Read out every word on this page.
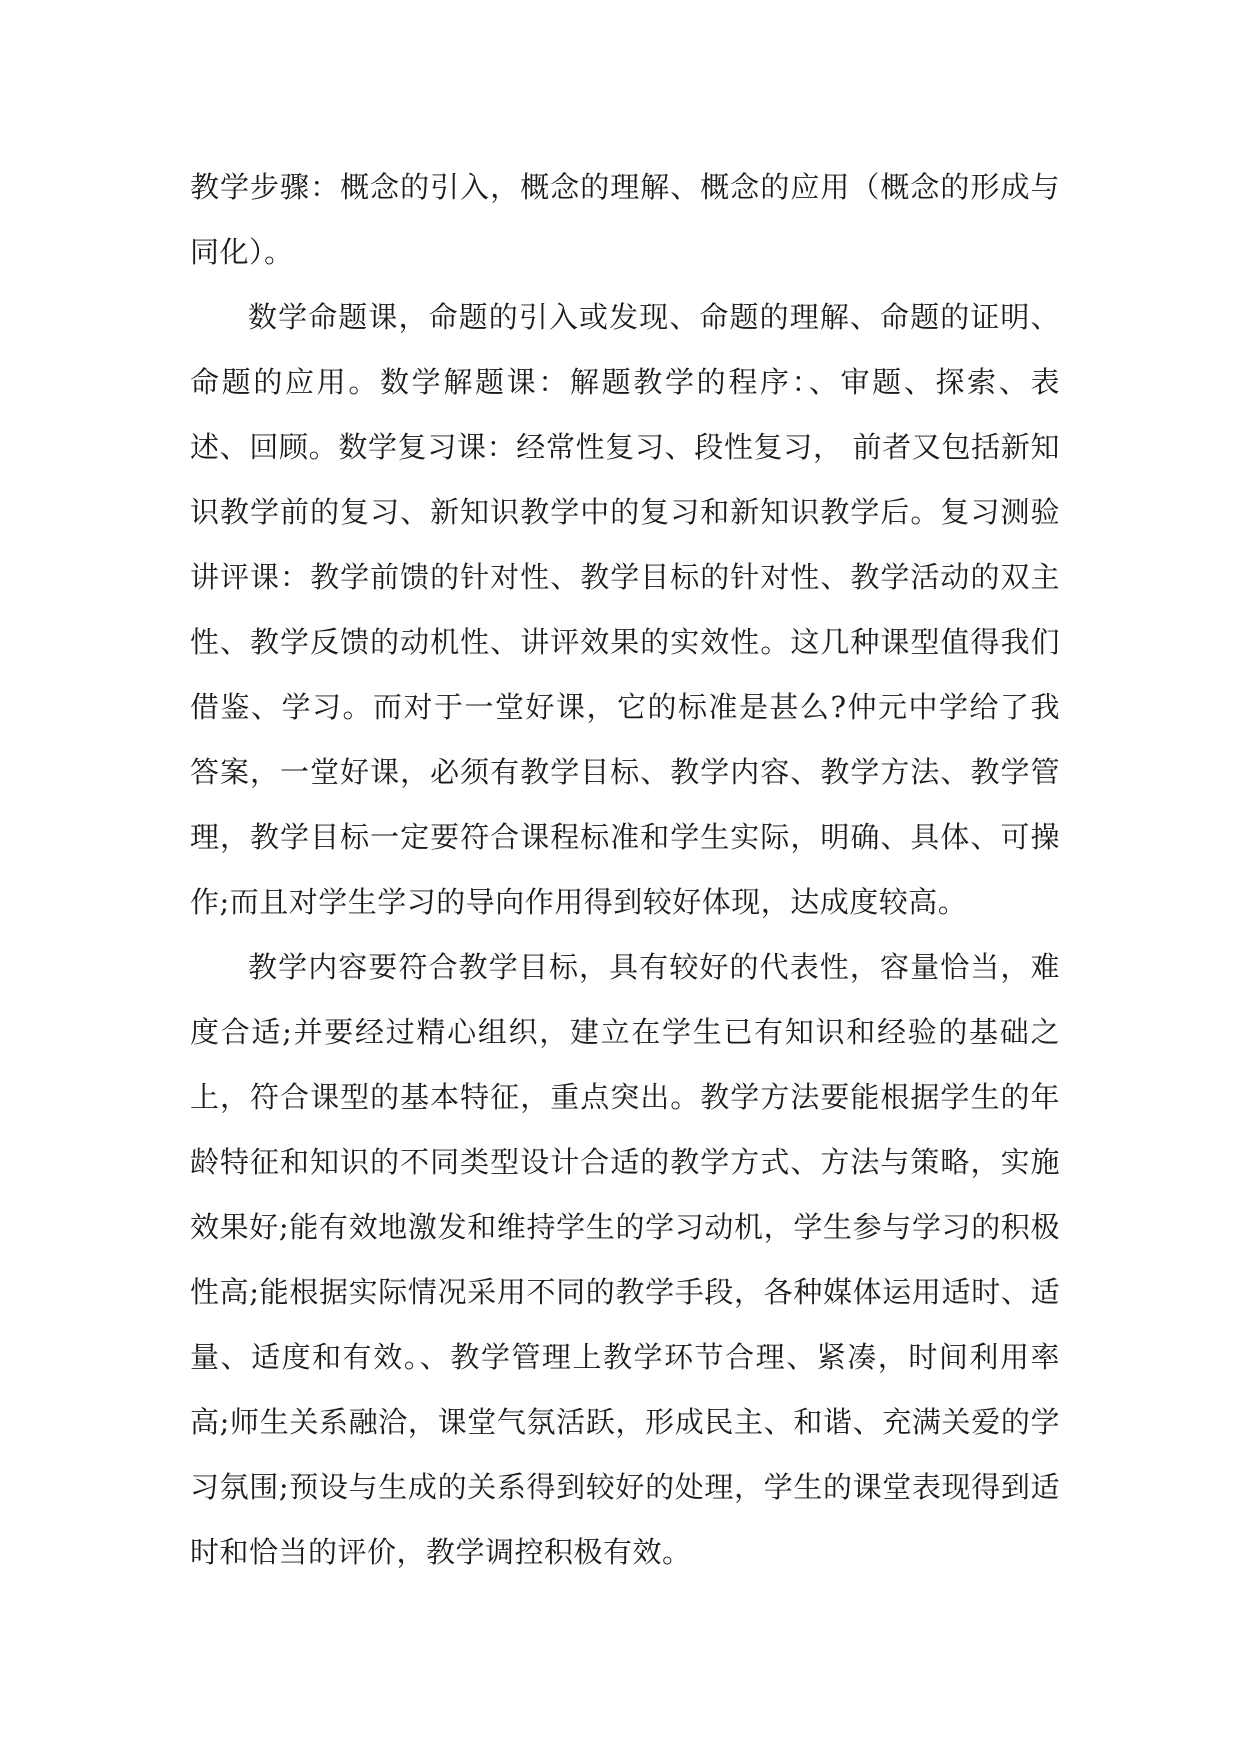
教学步骤：概念的引入，概念的理解、概念的应用（概念的形成与同化）。

数学命题课，命题的引入或发现、命题的理解、命题的证明、命题的应用。数学解题课：解题教学的程序：、审题、探索、表述、回顾。数学复习课：经常性复习、段性复习， 前者又包括新知识教学前的复习、新知识教学中的复习和新知识教学后。复习测验讲评课：教学前馈的针对性、教学目标的针对性、教学活动的双主性、教学反馈的动机性、讲评效果的实效性。这几种课型值得我们借鉴、学习。而对于一堂好课，它的标准是甚么?仲元中学给了我答案，一堂好课，必须有教学目标、教学内容、教学方法、教学管理，教学目标一定要符合课程标准和学生实际，明确、具体、可操作;而且对学生学习的导向作用得到较好体现，达成度较高。

教学内容要符合教学目标，具有较好的代表性，容量恰当，难度合适;并要经过精心组织，建立在学生已有知识和经验的基础之上，符合课型的基本特征，重点突出。教学方法要能根据学生的年龄特征和知识的不同类型设计合适的教学方式、方法与策略，实施效果好;能有效地激发和维持学生的学习动机，学生参与学习的积极性高;能根据实际情况采用不同的教学手段，各种媒体运用适时、适量、适度和有效。、教学管理上教学环节合理、紧凑，时间利用率高;师生关系融洽，课堂气氛活跃，形成民主、和谐、充满关爱的学习氛围;预设与生成的关系得到较好的处理，学生的课堂表现得到适时和恰当的评价，教学调控积极有效。
